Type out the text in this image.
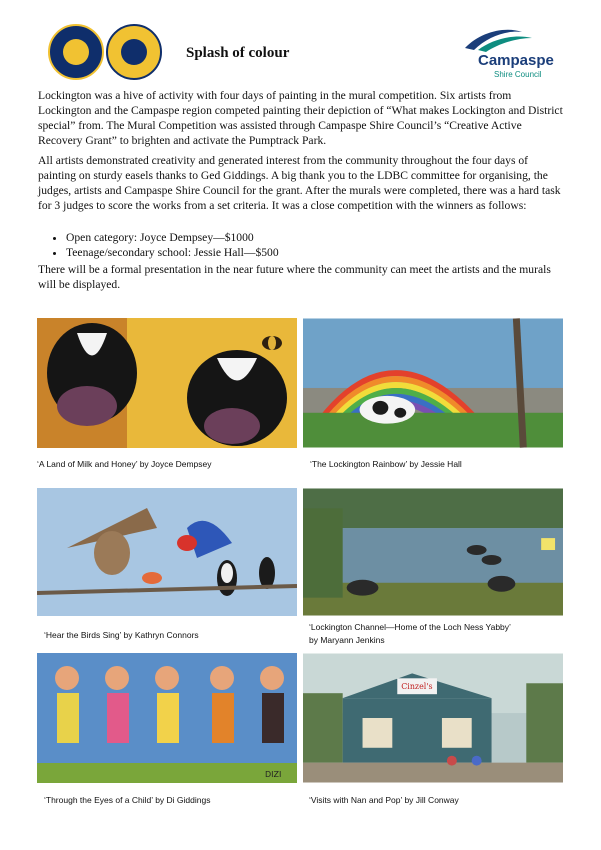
Splash of colour	Campaspe
Shire Council

Lockington was a hive of activity with four days of painting in the mural competition. Six artists from Lockington and the Campaspe region competed painting their depiction of “What makes Lockington and District special” from. The Mural Competition was assisted through Campaspe Shire Council’s “Creative Active Recovery Grant” to brighten and activate the Pumptrack Park.

All artists demonstrated creativity and generated interest from the community throughout the four days of painting on sturdy easels thanks to Ged Giddings. A big thank you to the LDBC committee for organising, the judges, artists and Campaspe Shire Council for the grant. After the murals were completed, there was a hard task for 3 judges to score the works from a set criteria. It was a close competition with the winners as follows:

• Open category: Joyce Dempsey—$1000
• Teenage/secondary school: Jessie Hall—$500

There will be a formal presentation in the near future where the community can meet the artists and the murals will be displayed.

‘A Land of Milk and Honey’ by Joyce Dempsey	‘The Lockington Rainbow’ by Jessie Hall
‘Hear the Birds Sing’ by Kathryn Connors
‘Lockington Channel—Home of the Loch Ness Yabby’
by Maryann Jenkins
DIZI
‘Through the Eyes of a Child’ by Di Giddings
Cinzel's
‘Visits with Nan and Pop’ by Jill Conway
